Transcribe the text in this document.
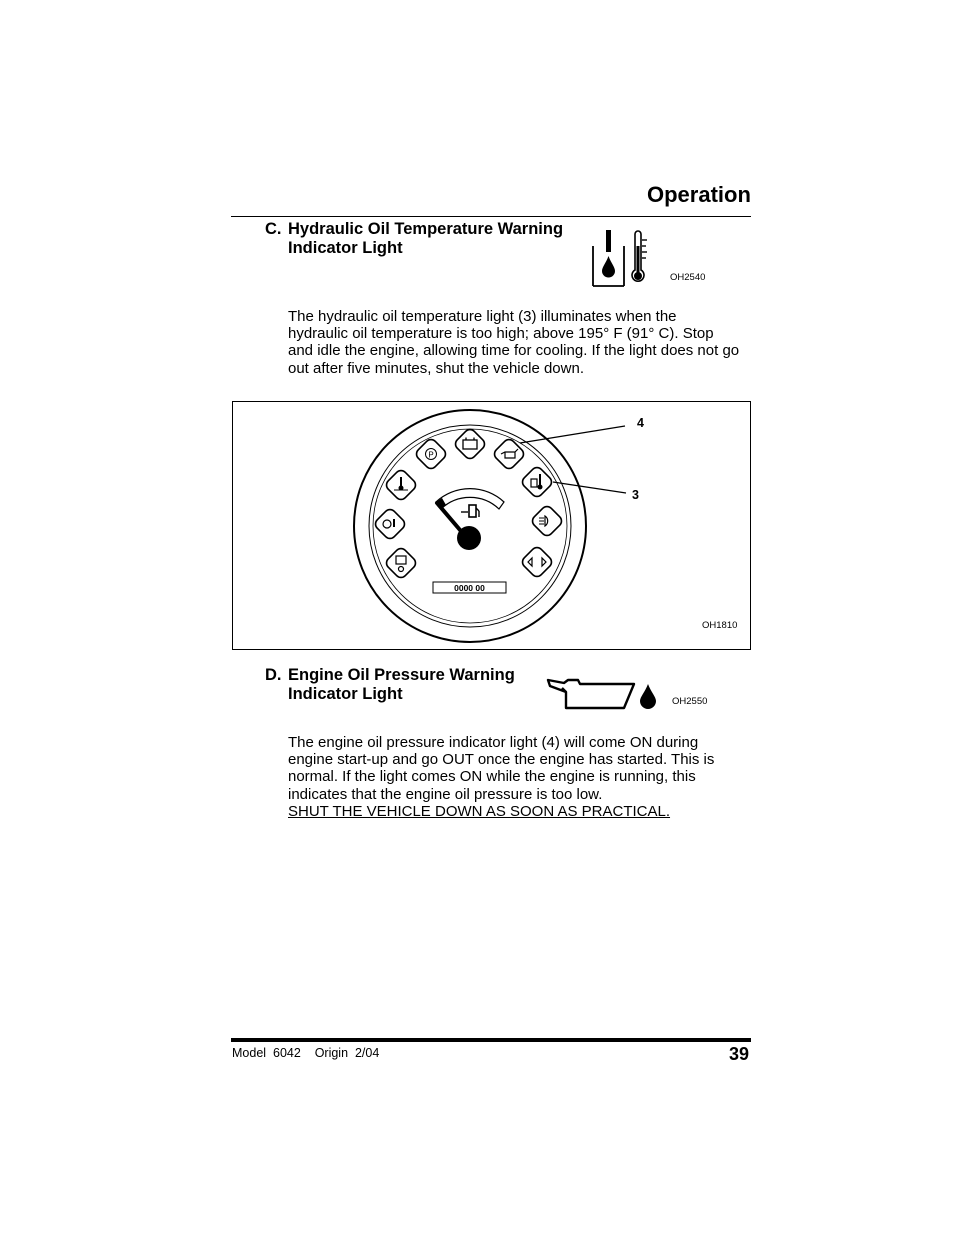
Operation
C. Hydraulic Oil Temperature Warning
Indicator Light
OH2540

The hydraulic oil temperature light (3) illuminates when the

hydraulic oil temperature is too high; above 195° F (91° C). Stop

and idle the engine, allowing time for cooling. If the light does not go

out after five minutes, shut the vehicle down.

P
0000 00
4
3
OH1810
D. Engine Oil Pressure Warning
Indicator Light	OH2550

The engine oil pressure indicator light (4) will come ON during

engine start-up and go OUT once the engine has started. This is

normal. If the light comes ON while the engine is running, this

indicates that the engine oil pressure is too low.

SHUT THE VEHICLE DOWN AS SOON AS PRACTICAL.

Model  6042    Origin  2/04	39
